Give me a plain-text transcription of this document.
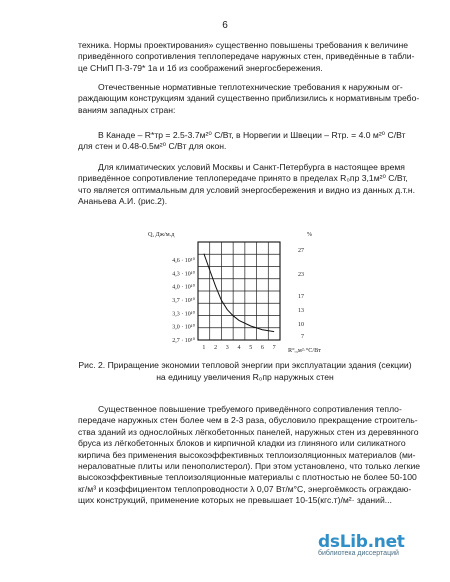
6
техника. Нормы проектирования» существенно повышены требования к величине
приведённого сопротивления теплопередаче наружных стен, приведённые в табли-
це СНиП П-3-79* 1а и 1б из соображений энергосбережения.
Отечественные нормативные теплотехнические требования к наружным ог-
раждающим конструкциям зданий существенно приблизились к нормативным требо-
ваниям западных стран:
В Канаде – R*тр = 2.5-3.7м²⁰ С/Вт, в Норвегии и Швеции – Rтр. = 4.0 м²⁰ С/Вт
для стен и 0.48-0.5м²⁰ С/Вт для окон.
Для климатических условий Москвы и Санкт-Петербурга в настоящее время
приведённое сопротивление теплопередаче принято в пределах R₀пр 3,1м²⁰ С/Вт,
что является оптимальным для условий энергосбережения и видно из данных д.т.н.
Ананьева А.И. (рис.2).
4,6 · 10¹⁰
4,3 · 10¹⁰
4,0 · 10¹⁰
3,7 · 10¹⁰
3,3 · 10¹⁰
3,0 · 10¹⁰
2,7 · 10¹⁰
27
23
17
13
10
7
1 2 3 4 5 6 7
Q, Дж/м.д	%
R°ₒ,м²·°С/Вт
Рис. 2. Приращение экономии тепловой энергии при эксплуатации здания (секции)
на единицу увеличения R₀пр наружных стен
Существенное повышение требуемого приведённого сопротивления тепло-
передаче наружных стен более чем в 2-3 раза, обусловило прекращение строитель-
ства зданий из однослойных лёгкобетонных панелей, наружных стен из деревянного
бруса из лёгкобетонных блоков и кирпичной кладки из глиняного или силикатного
кирпича без применения высокоэффективных теплоизоляционных материалов (ми-
нераловатные плиты или пенополистерол). При этом установлено, что только легкие
высокоэффективные теплоизоляционные материалы с плотностью не более 50-100
кг/м³ и коэффициентом теплопроводности λ 0,07 Вт/м°С, энергоёмкость ограждаю-
щих конструкций, применение которых не превышает 10-15(кгс.т)/м²· зданий...
dsLib.net
библиотека диссертаций
